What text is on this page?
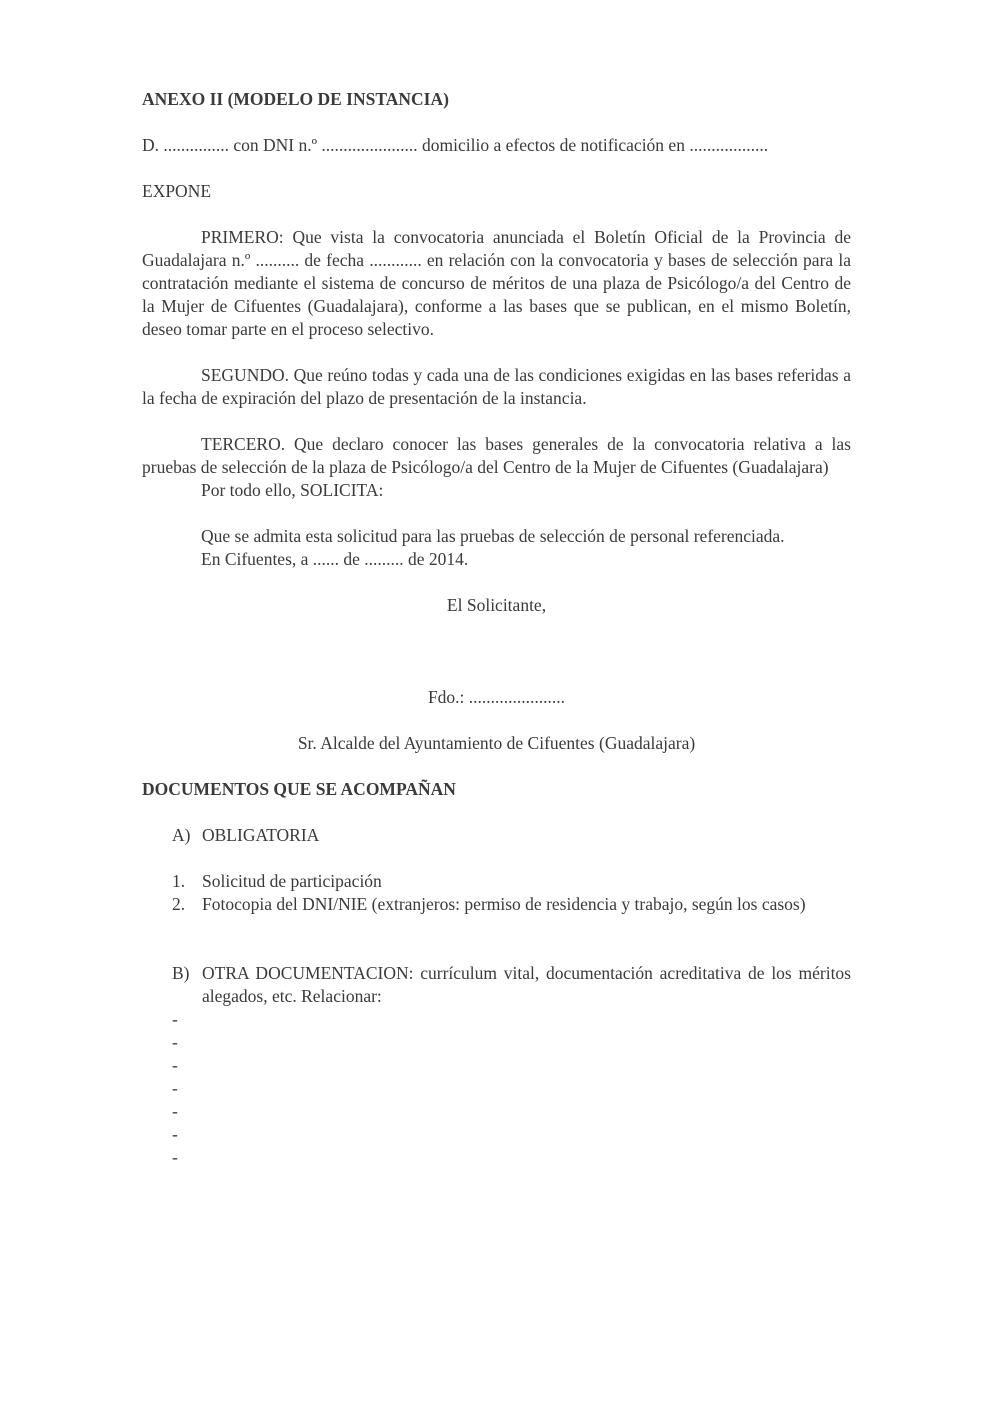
ANEXO II (MODELO DE INSTANCIA)

D. ............... con DNI n.º ...................... domicilio a efectos de notificación en ..................

EXPONE

PRIMERO: Que vista la convocatoria anunciada el Boletín Oficial de la Provincia de Guadalajara n.º .......... de fecha ............ en relación con la convocatoria y bases de selección para la contratación mediante el sistema de concurso de méritos de una plaza de Psicólogo/a del Centro de la Mujer de Cifuentes (Guadalajara), conforme a las bases que se publican, en el mismo Boletín, deseo tomar parte en el proceso selectivo.

SEGUNDO. Que reúno todas y cada una de las condiciones exigidas en las bases referidas a la fecha de expiración del plazo de presentación de la instancia.

TERCERO. Que declaro conocer las bases generales de la convocatoria relativa a las pruebas de selección de la plaza de Psicólogo/a del Centro de la Mujer de Cifuentes (Guadalajara)

Por todo ello, SOLICITA:

Que se admita esta solicitud para las pruebas de selección de personal referenciada.

En Cifuentes, a ...... de ......... de 2014.

El Solicitante,

Fdo.: ......................

Sr. Alcalde del Ayuntamiento de Cifuentes (Guadalajara)

DOCUMENTOS QUE SE ACOMPAÑAN

A) OBLIGATORIA
1. Solicitud de participación
2. Fotocopia del DNI/NIE (extranjeros: permiso de residencia y trabajo, según los casos)
B) OTRA DOCUMENTACION: currículum vital, documentación acreditativa de los méritos alegados, etc. Relacionar:
-
-
-
-
-
-
-
